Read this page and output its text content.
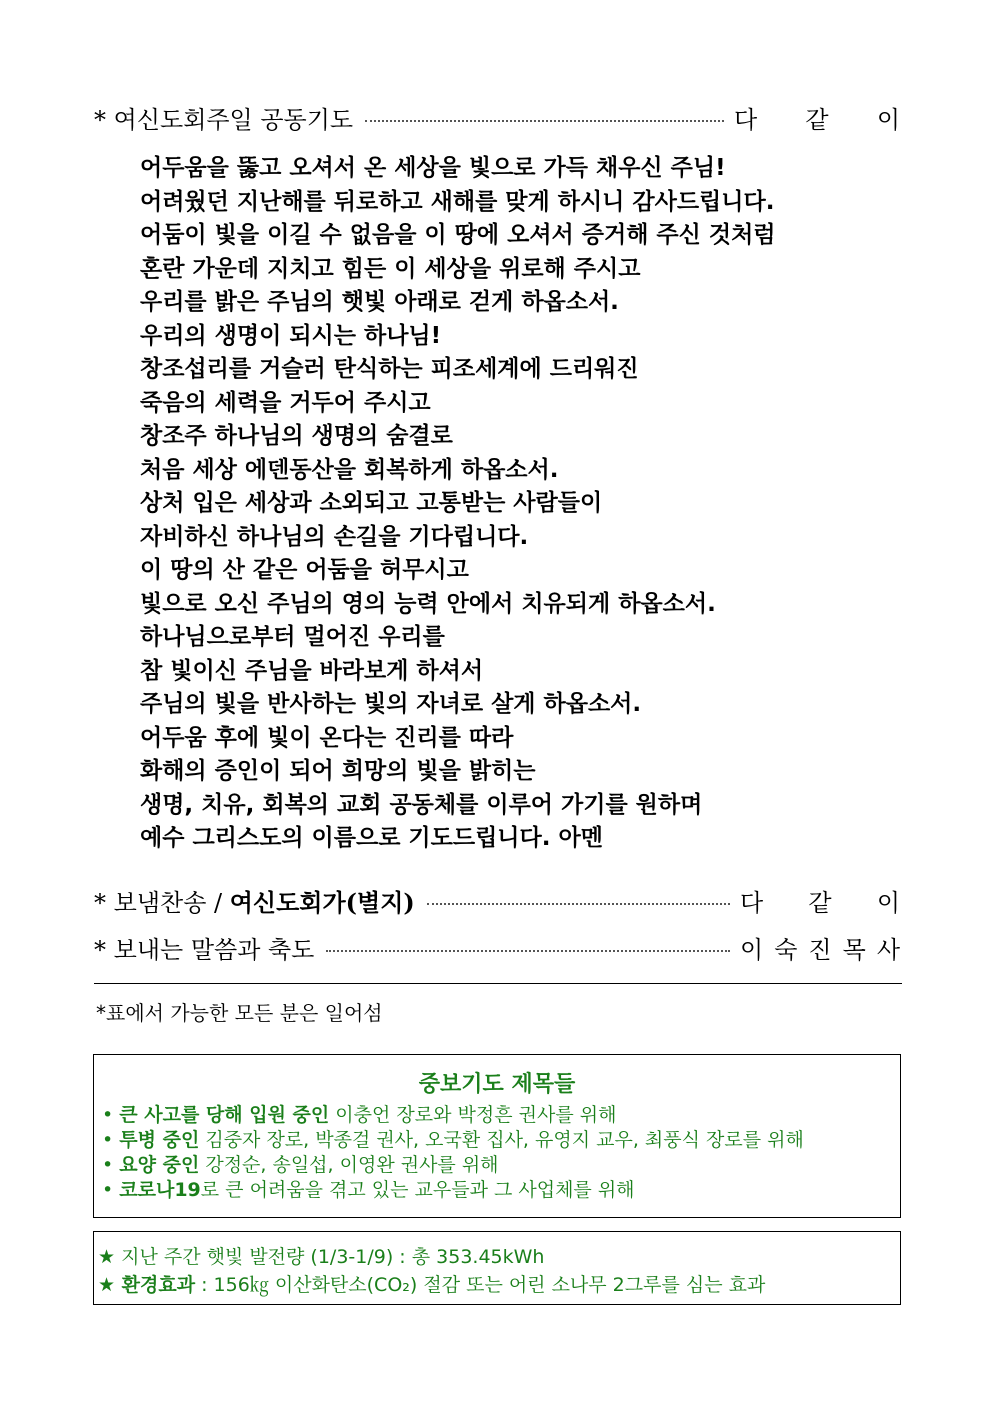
* 여신도회주일 공동기도	다 같 이
어두움을 뚫고 오셔서 온 세상을 빛으로 가득 채우신 주님!
어려웠던 지난해를 뒤로하고 새해를 맞게 하시니 감사드립니다.
어둠이 빛을 이길 수 없음을 이 땅에 오셔서 증거해 주신 것처럼
혼란 가운데 지치고 힘든 이 세상을 위로해 주시고
우리를 밝은 주님의 햇빛 아래로 걷게 하옵소서.
우리의 생명이 되시는 하나님!
창조섭리를 거슬러 탄식하는 피조세계에 드리워진
죽음의 세력을 거두어 주시고
창조주 하나님의 생명의 숨결로
처음 세상 에덴동산을 회복하게 하옵소서.
상처 입은 세상과 소외되고 고통받는 사람들이
자비하신 하나님의 손길을 기다립니다.
이 땅의 산 같은 어둠을 허무시고
빛으로 오신 주님의 영의 능력 안에서 치유되게 하옵소서.
하나님으로부터 멀어진 우리를
참 빛이신 주님을 바라보게 하셔서
주님의 빛을 반사하는 빛의 자녀로 살게 하옵소서.
어두움 후에 빛이 온다는 진리를 따라
화해의 증인이 되어 희망의 빛을 밝히는
생명, 치유, 회복의 교회 공동체를 이루어 가기를 원하며
예수 그리스도의 이름으로 기도드립니다. 아멘
* 보냄찬송 / 여신도회가(별지)	다 같 이
* 보내는 말씀과 축도	이 숙 진 목 사
*표에서 가능한 모든 분은 일어섬
중보기도 제목들
• 큰 사고를 당해 입원 중인 이충언 장로와 박정흔 권사를 위해
• 투병 중인 김중자 장로, 박종걸 권사, 오국환 집사, 유영지 교우, 최풍식 장로를 위해
• 요양 중인 강정순, 송일섭, 이영완 권사를 위해
• 코로나19로 큰 어려움을 겪고 있는 교우들과 그 사업체를 위해
★ 지난 주간 햇빛 발전량 (1/3-1/9) : 총 353.45kWh
★ 환경효과 : 156㎏ 이산화탄소(CO₂) 절감 또는 어린 소나무 2그루를 심는 효과
